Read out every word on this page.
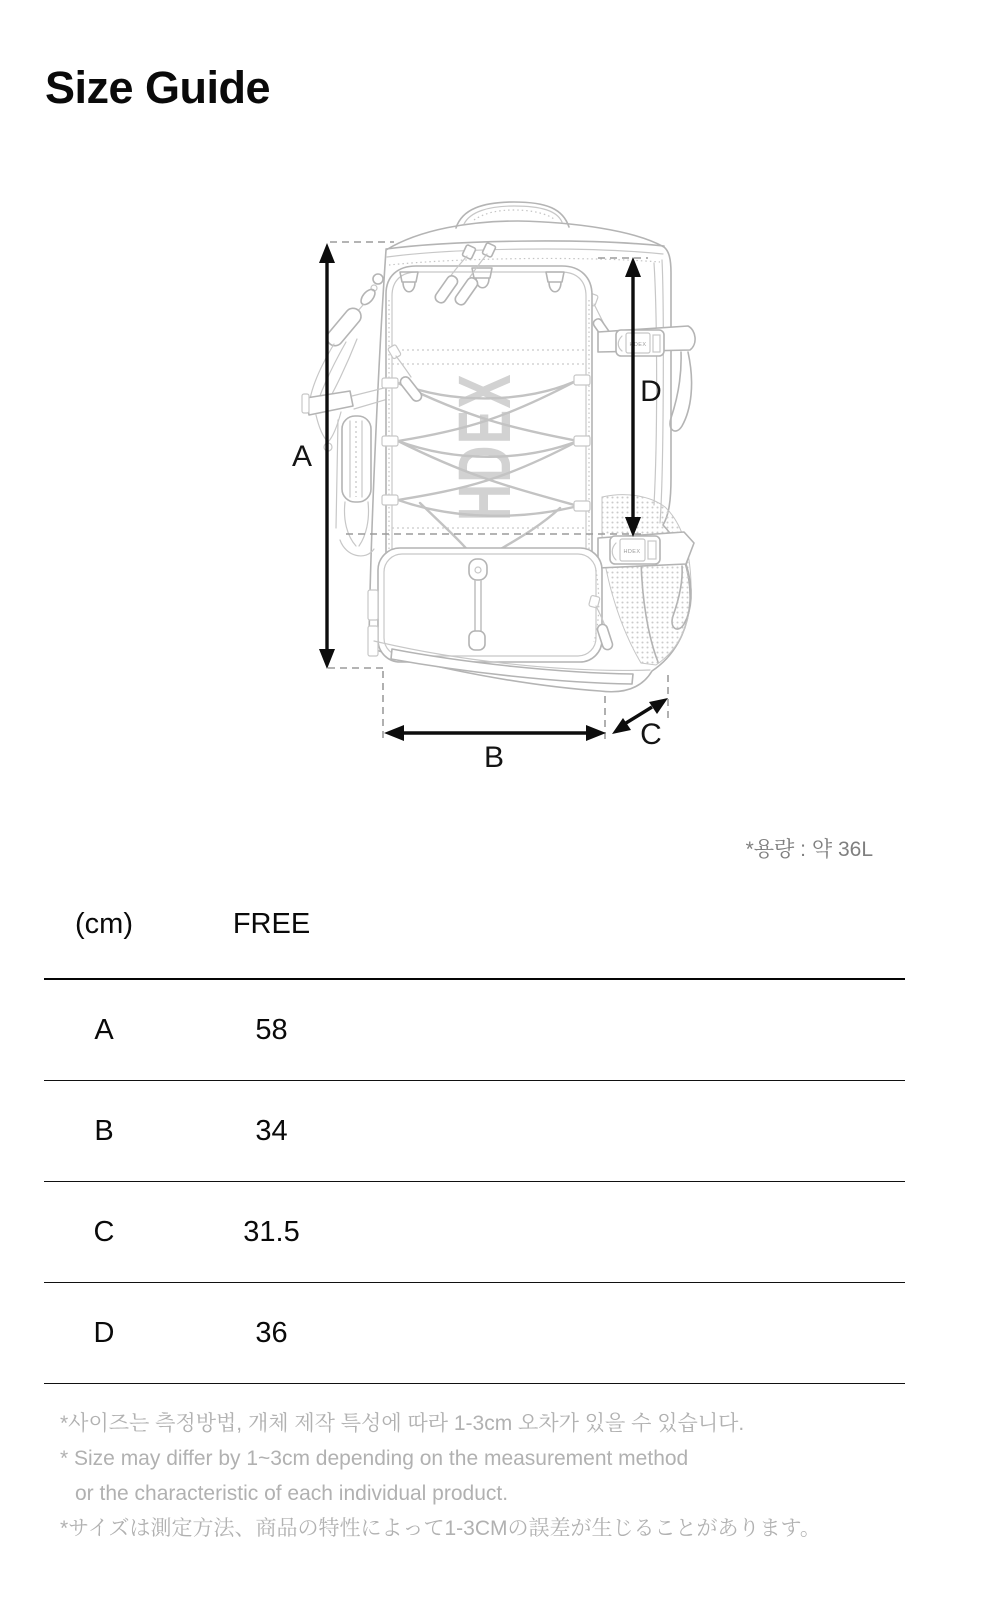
Size Guide
HDEX
HDEX
HDEX
A
D
B
C
*용량 : 약 36L
(cm)	FREE
A	58
B	34
C	31.5
D	36
*사이즈는 측정방법, 개체 제작 특성에 따라 1-3cm 오차가 있을 수 있습니다.
* Size may differ by 1~3cm depending on the measurement method
or the characteristic of each individual product.
*サイズは測定方法、商品の特性によって1-3CMの誤差が生じることがあります。
